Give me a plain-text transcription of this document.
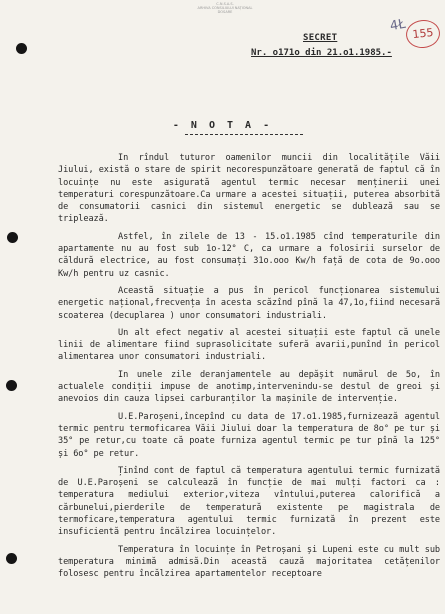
C.N.S.A.S.
ARHIVA CONSILIULUI NAȚIONAL
DOSARE
4Ł 155
SECRET
Nr. o171o din 21.o1.1985.-
- N O T A -

In rîndul tuturor oamenilor muncii din localitățile Văii Jiului, există o stare de spirit necorespunzătoare generată de faptul că în locuințe nu este asigurată agentul termic necesar menținerii unei temperaturi corespunzătoare.Ca urmare a acestei situații, puterea absorbită de consumatorii casnici din sistemul energetic se dublează sau se triplează.

Astfel, în zilele de 13 - 15.o1.1985 cînd temperaturile din apartamente nu au fost sub 1o-12° C, ca urmare a folosirii surselor de căldură electrice, au fost consumați 31o.ooo Kw/h față de cota de 9o.ooo Kw/h pentru uz casnic.

Această situație a pus în pericol funcționarea sistemului energetic național,frecvența în acesta scăzînd pînă la 47,1o,fiind necesară scoaterea (decuplarea ) unor consumatori industriali.

Un alt efect negativ al acestei situații este faptul că unele linii de alimentare fiind suprasolicitate suferă avarii,punînd în pericol alimentarea unor consumatori industriali.

In unele zile deranjamentele au depășit numărul de 5o, în actualele condiții impuse de anotimp,intervenindu-se destul de greoi și anevoios din cauza lipsei carburanților la mașinile de intervenție.

U.E.Paroșeni,începînd cu data de 17.o1.1985,furnizează agentul termic pentru termoficarea Văii Jiului doar la temperatura de 8o° pe tur și 35° pe retur,cu toate că poate furniza agentul termic pe tur pînă la 125° și 6o° pe retur.

Ținînd cont de faptul că temperatura agentului termic furnizată de U.E.Paroșeni se calculează în funcție de mai mulți factori ca : temperatura mediului exterior,viteza vîntului,puterea calorifică a cărbunelui,pierderile de temperatură existente pe magistrala de termoficare,temperatura agentului termic furnizată în prezent este insuficientă pentru încălzirea locuințelor.

Temperatura în locuințe în Petroșani și Lupeni este cu mult sub temperatura minimă admisă.Din această cauză majoritatea cetățenilor folosesc pentru încălzirea apartamentelor receptoare
